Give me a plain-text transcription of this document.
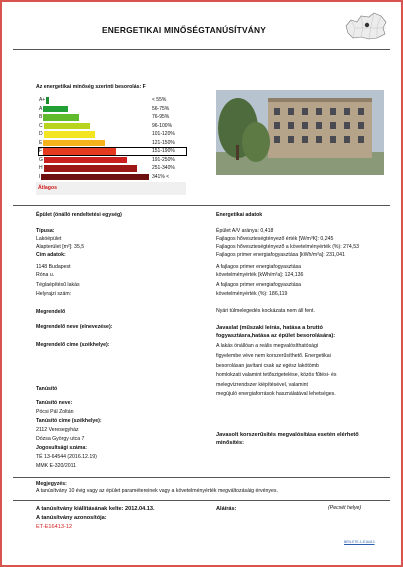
ENERGETIKAI MINŐSÉGTANÚSÍTVÁNY
Az energetikai minőség szerinti besorolás: F
A+	< 55%
A	56-75%
B	76-95%
C	96-100%
D	101-120%
E	121-150%
F	151-190%
G	191-250%
H	251-340%
I	341% <
Átlagos
Épület (önálló rendeltetési egység)
Típusa:
Lakóépület
Alapterület [m²]: 35,5
Cím adatok:
1148 Budapest
Róna u.
Téglaépítésű lakás
Helyrajzi szám:
Energetikai adatok
Épület A/V aránya: 0,418
Fajlagos hőveszteségtényező érték [W/m³K]: 0,245
Fajlagos hőveszteségtényező a követelményérték (%): 274,53
Fajlagos primer energiafogyasztása [kWh/m²a]: 231,041
A fajlagos primer energiafogyasztása
követelményérték [kWh/m²a]: 124,136
A fajlagos primer energiafogyasztása
követelményérték (%): 186,119
Megrendelő	Nyári túlmelegedés kockázata nem áll fent.
Megrendelő neve (elnevezése):
Megrendelő címe (székhelye):
Javaslat (műszaki leírás, hatása a bruttó fogyasztásra,hatása az épület besorolására):
A lakás önállóan a reális megvalósíthatósági
figyelembe véve nem korszerűsíthető. Energetikai
besorolásan javítani csak az egész lakótömb
homlokzati valamint tetőszigetelése, közös fűtési- és
melegvízrendszer kiépítésével, valamint
megújuló energiaforrások használatával lehetséges.
Tanúsító
Tanúsító neve:
Pócsi Pál Zoltán
Tanúsító címe (székhelye):
2112 Veresegyház
Dózsa György utca 7
Jogosultsági száma:
TÉ 13-64544 (2016.12.19)
MMK E-320/2011
Javasolt korszerűsítés megvalósítása esetén elérhető minősítés:
Megjegyzés:
A tanúsítvány 10 évig vagy az épület paramétereinek vagy a követelményérték megváltozásáig érvényes.
A tanúsítvány kiállításának kelte: 2012.04.13.	Aláírás:	(Pecsét helye)
A tanúsítvány azonosítója:
ET-E16413-12
BEN-ETE-1-E16413
